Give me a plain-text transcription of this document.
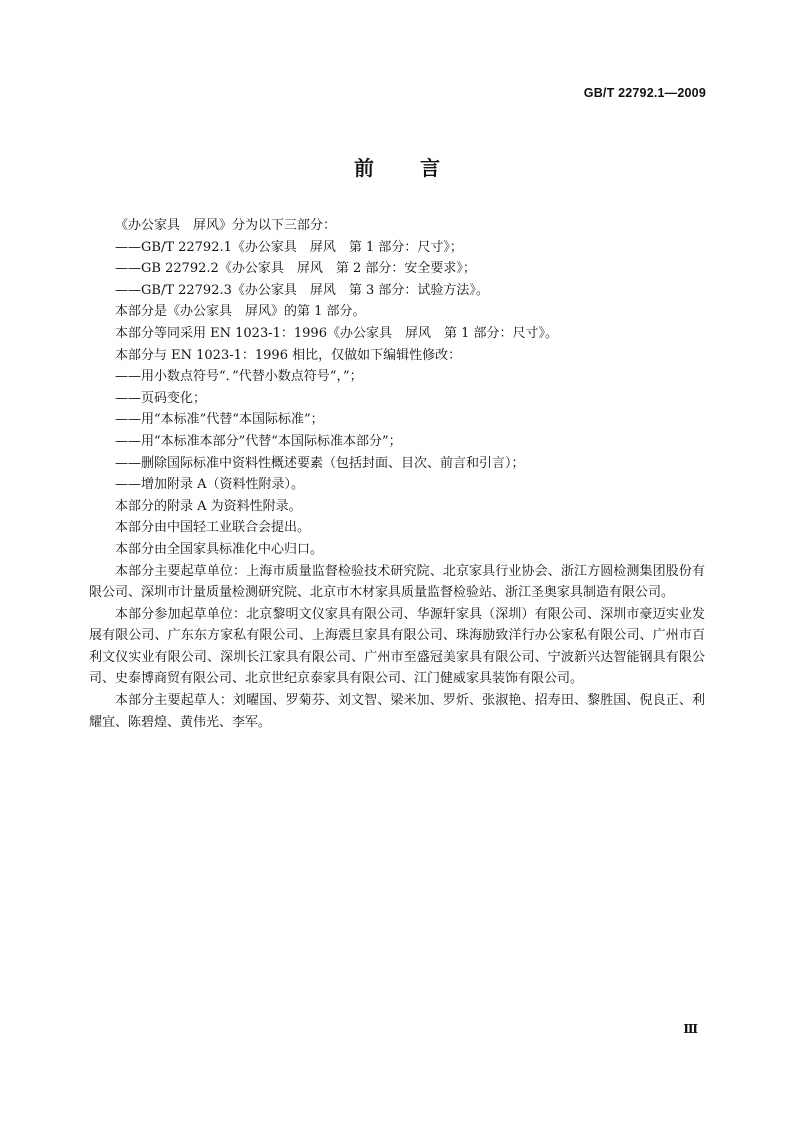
GB/T 22792.1—2009
前言

《办公家具　屏风》分为以下三部分：

——GB/T 22792.1《办公家具　屏风　第 1 部分：尺寸》；

——GB 22792.2《办公家具　屏风　第 2 部分：安全要求》；

——GB/T 22792.3《办公家具　屏风　第 3 部分：试验方法》。

本部分是《办公家具　屏风》的第 1 部分。

本部分等同采用 EN 1023-1：1996《办公家具　屏风　第 1 部分：尺寸》。

本部分与 EN 1023-1：1996 相比，仅做如下编辑性修改：

——用小数点符号“．”代替小数点符号“，”；

——页码变化；

——用“本标准”代替“本国际标准”；

——用“本标准本部分”代替“本国际标准本部分”；

——删除国际标准中资料性概述要素（包括封面、目次、前言和引言）；

——增加附录 A（资料性附录）。

本部分的附录 A 为资料性附录。

本部分由中国轻工业联合会提出。

本部分由全国家具标准化中心归口。

本部分主要起草单位：上海市质量监督检验技术研究院、北京家具行业协会、浙江方圆检测集团股份有限公司、深圳市计量质量检测研究院、北京市木材家具质量监督检验站、浙江圣奥家具制造有限公司。

本部分参加起草单位：北京黎明文仪家具有限公司、华源轩家具（深圳）有限公司、深圳市豪迈实业发展有限公司、广东东方家私有限公司、上海震旦家具有限公司、珠海励致洋行办公家私有限公司、广州市百利文仪实业有限公司、深圳长江家具有限公司、广州市至盛冠美家具有限公司、宁波新兴达智能钢具有限公司、史泰博商贸有限公司、北京世纪京泰家具有限公司、江门健威家具装饰有限公司。

本部分主要起草人：刘曜国、罗菊芬、刘文智、梁米加、罗炘、张淑艳、招寿田、黎胜国、倪良正、利耀宜、陈碧煌、黄伟光、李军。

Ⅲ
